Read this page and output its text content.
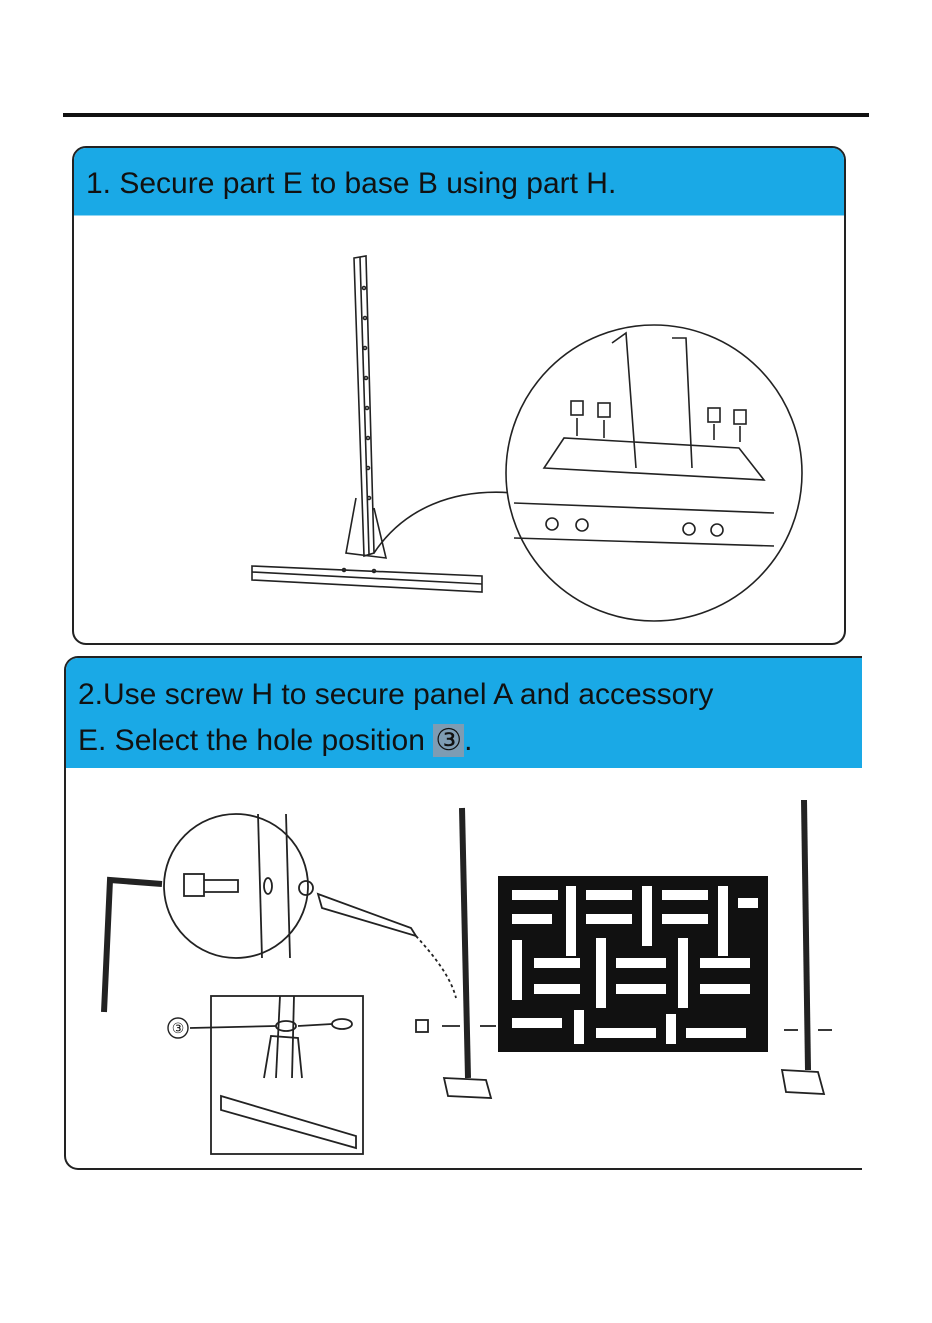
1. Secure part E to base B using part H.
2.Use screw H to secure panel A and accessory
E. Select the hole position ③.
③
